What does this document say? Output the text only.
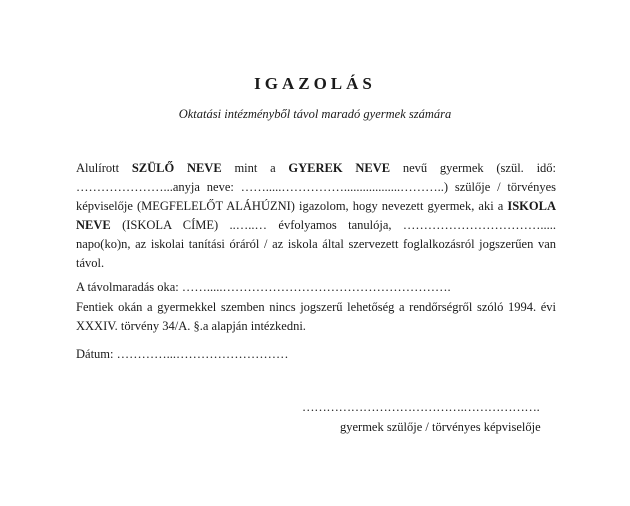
IGAZOLÁS
Oktatási intézményből távol maradó gyermek számára
Alulírott SZÜLŐ NEVE mint a GYEREK NEVE nevű gyermek (szül. idő: …………………...anyja neve: …….....……………..................………..) szülője / törvényes képviselője (MEGFELELŐT ALÁHÚZNI) igazolom, hogy nevezett gyermek, aki a ISKOLA NEVE (ISKOLA CÍME) ..…..… évfolyamos tanulója, ……………………………..... napo(ko)n, az iskolai tanítási óráról / az iskola által szervezett foglalkozásról jogszerűen van távol.
A távolmaradás oka: …….....……………………………………………….
Fentiek okán a gyermekkel szemben nincs jogszerű lehetőség a rendőrségről szóló 1994. évi XXXIV. törvény 34/A. §.a alapján intézkedni.
Dátum: …………...………………………
………………………………….……………….
gyermek szülője / törvényes képviselője
